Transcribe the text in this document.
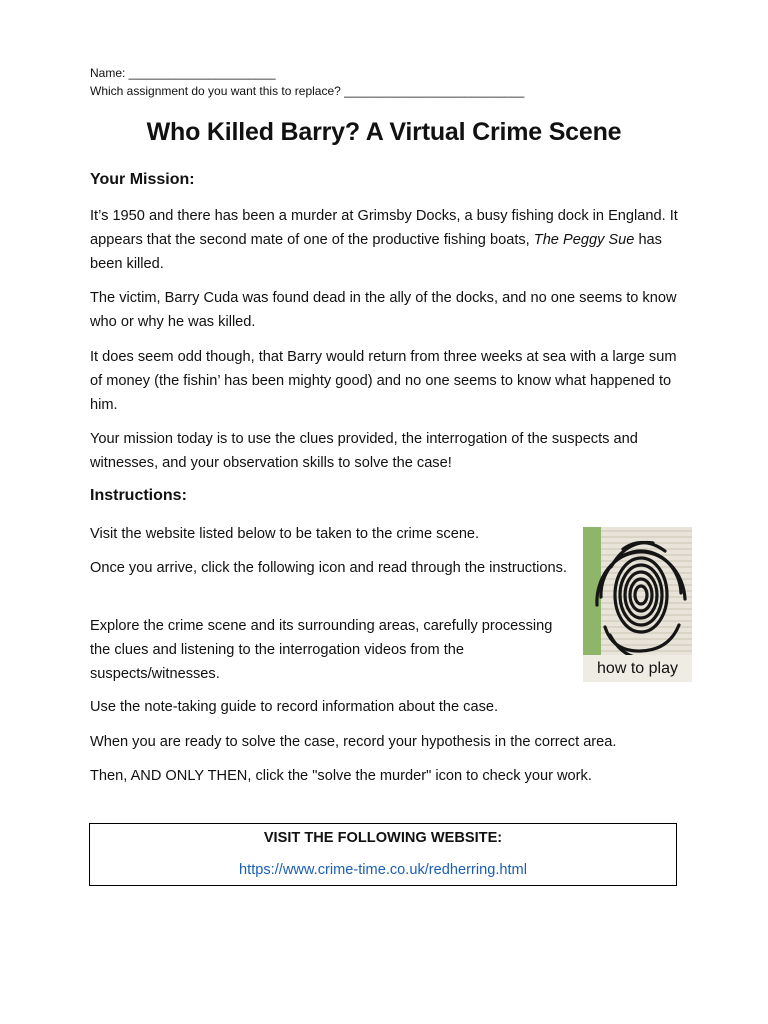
Name: ______________________
Which assignment do you want this to replace? ___________________________
Who Killed Barry? A Virtual Crime Scene
Your Mission:

It’s 1950 and there has been a murder at Grimsby Docks, a busy fishing dock in England. It appears that the second mate of one of the productive fishing boats, The Peggy Sue has been killed.

The victim, Barry Cuda was found dead in the ally of the docks, and no one seems to know who or why he was killed.

It does seem odd though, that Barry would return from three weeks at sea with a large sum of money (the fishin’ has been mighty good) and no one seems to know what happened to him.

Your mission today is to use the clues provided, the interrogation of the suspects and witnesses, and your observation skills to solve the case!

Instructions:

Visit the website listed below to be taken to the crime scene.

Once you arrive, click the following icon and read through the instructions.

Explore the crime scene and its surrounding areas, carefully processing the clues and listening to the interrogation videos from the suspects/witnesses.

Use the note-taking guide to record information about the case.

When you are ready to solve the case, record your hypothesis in the correct area.

Then, AND ONLY THEN, click the "solve the murder" icon to check your work.

how to play
VISIT THE FOLLOWING WEBSITE:
https://www.crime-time.co.uk/redherring.html
